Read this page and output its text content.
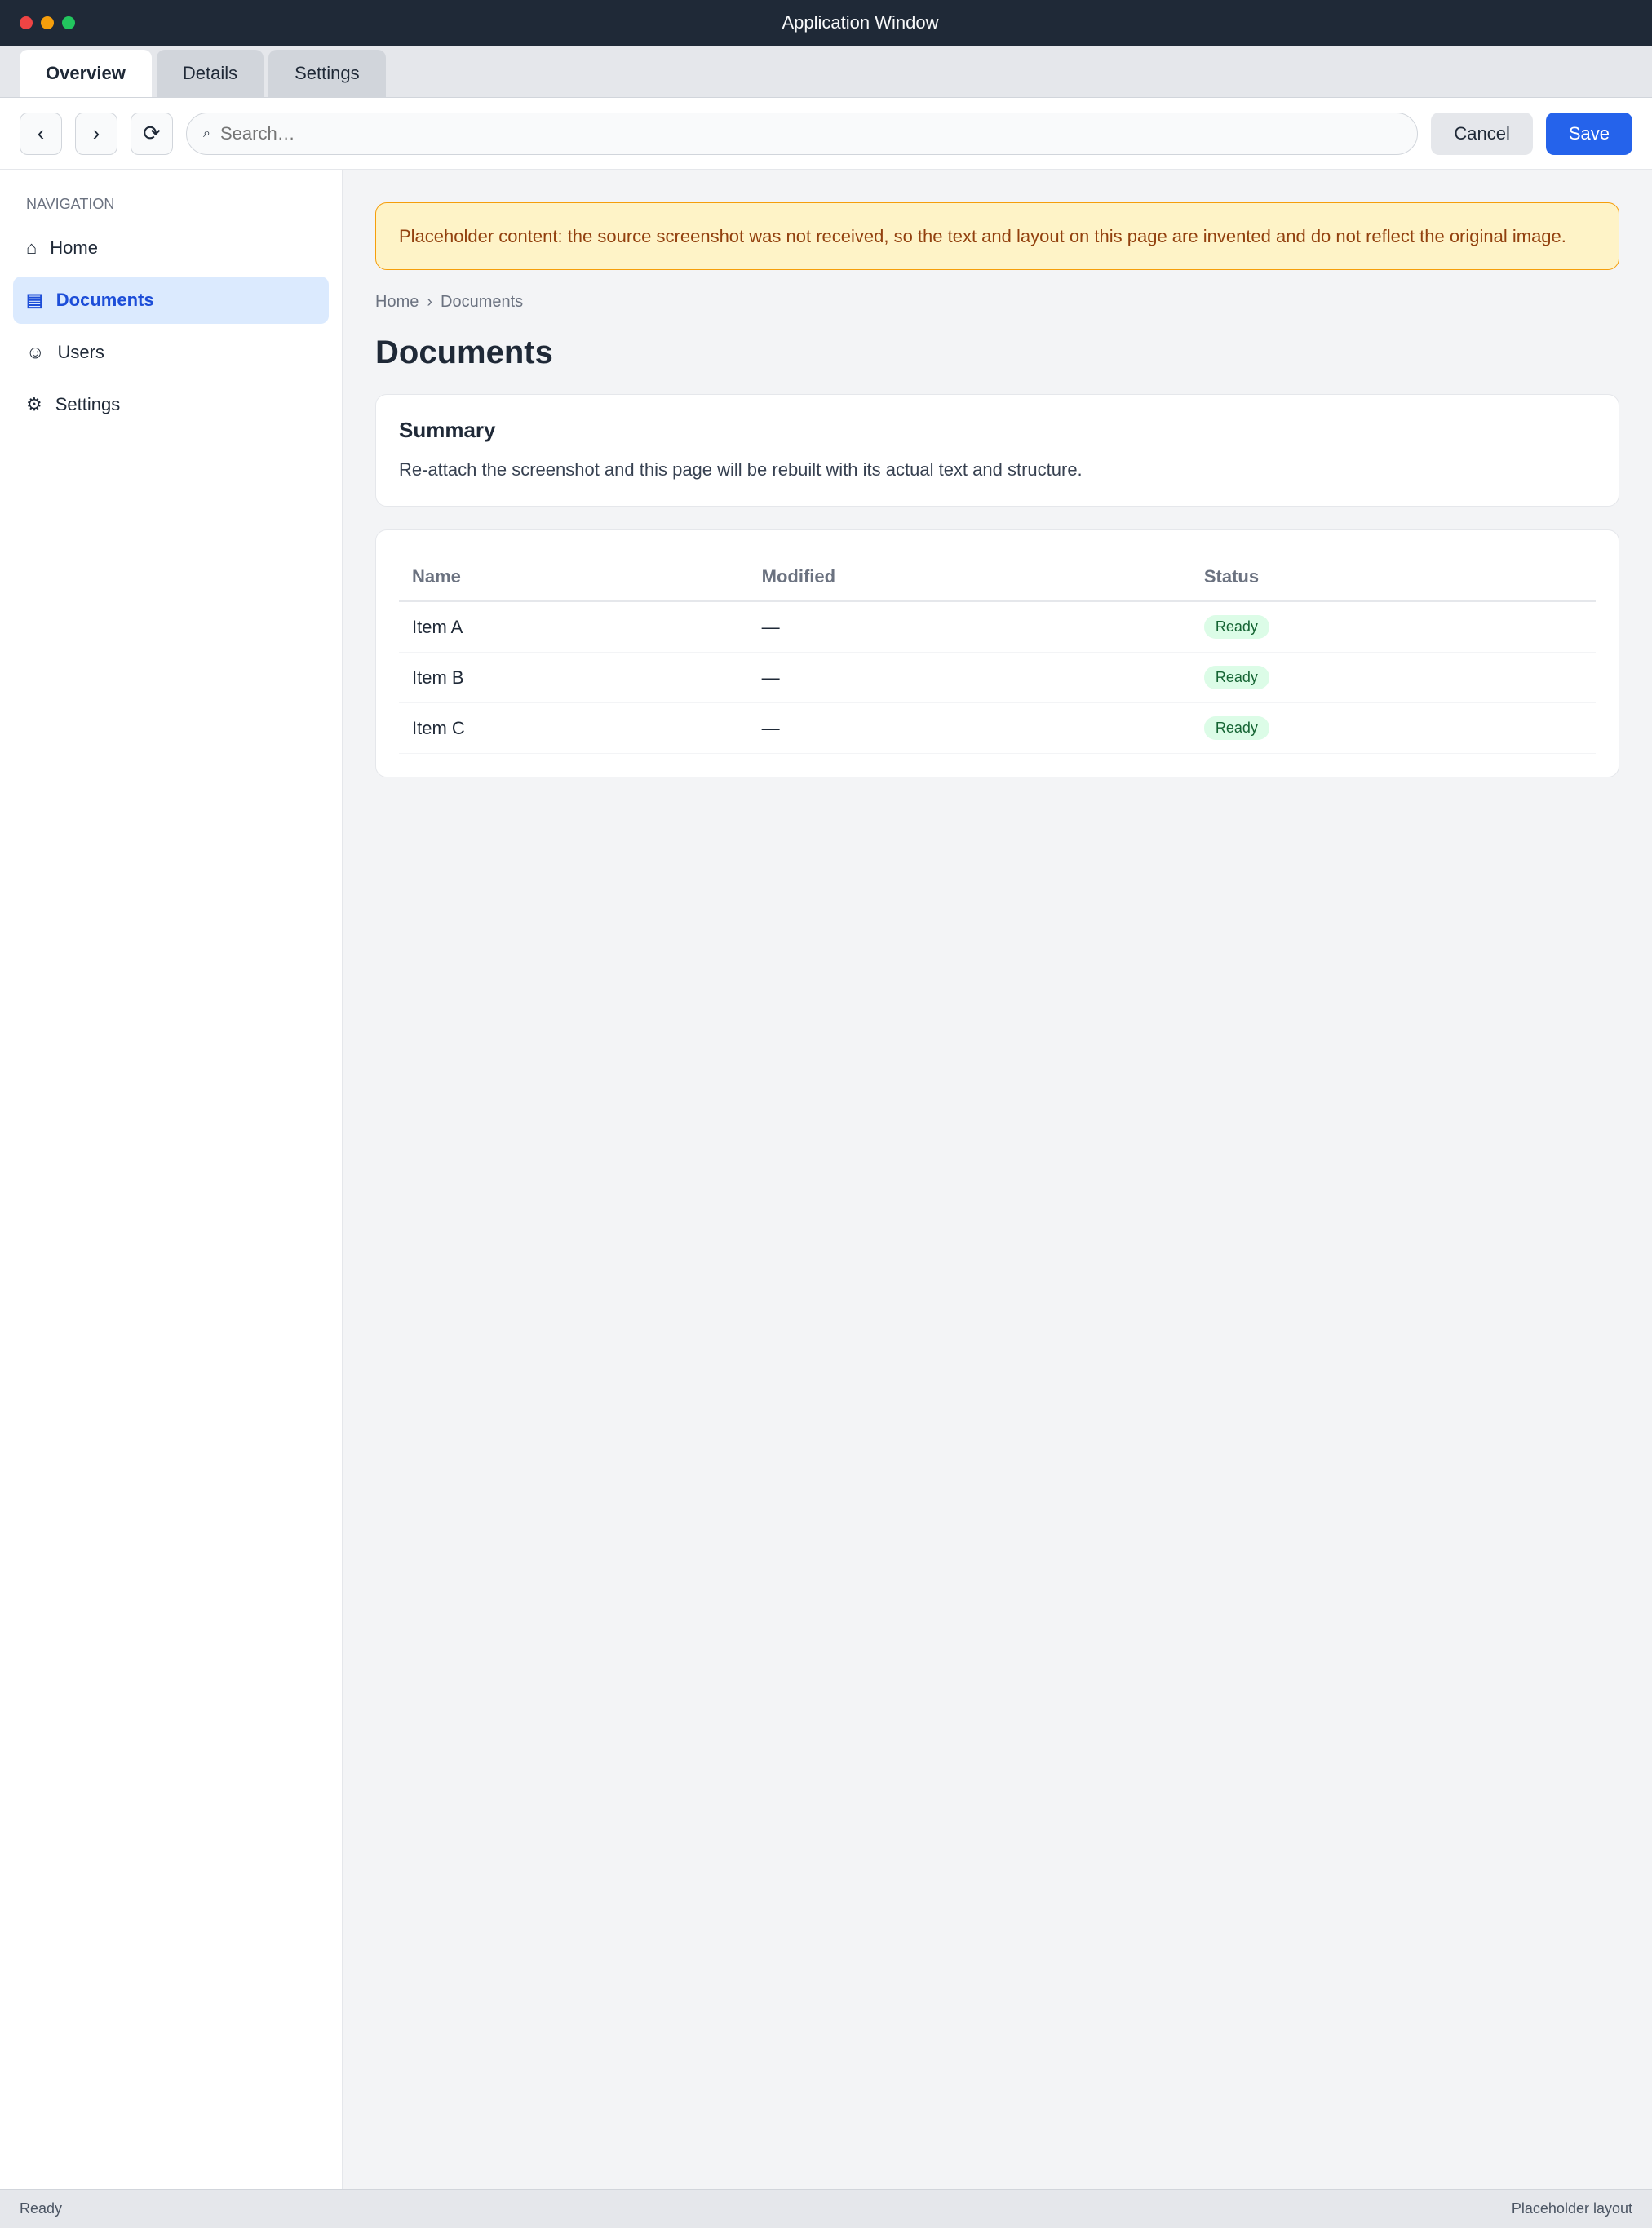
Application Window
Overview	Details	Settings
‹	›	⟳	⌕
Search…	Cancel	Save
NAVIGATION
⌂ Home
▤ Documents
☺ Users
⚙ Settings
Placeholder content: the source screenshot was not received, so the text and layout on this page are invented and do not reflect the original image.
Home › Documents
Documents
Summary
Re-attach the screenshot and this page will be rebuilt with its actual text and structure.
Name	Modified	Status
Item A	—	Ready
Item B	—	Ready
Item C	—	Ready
Ready	Placeholder layout
